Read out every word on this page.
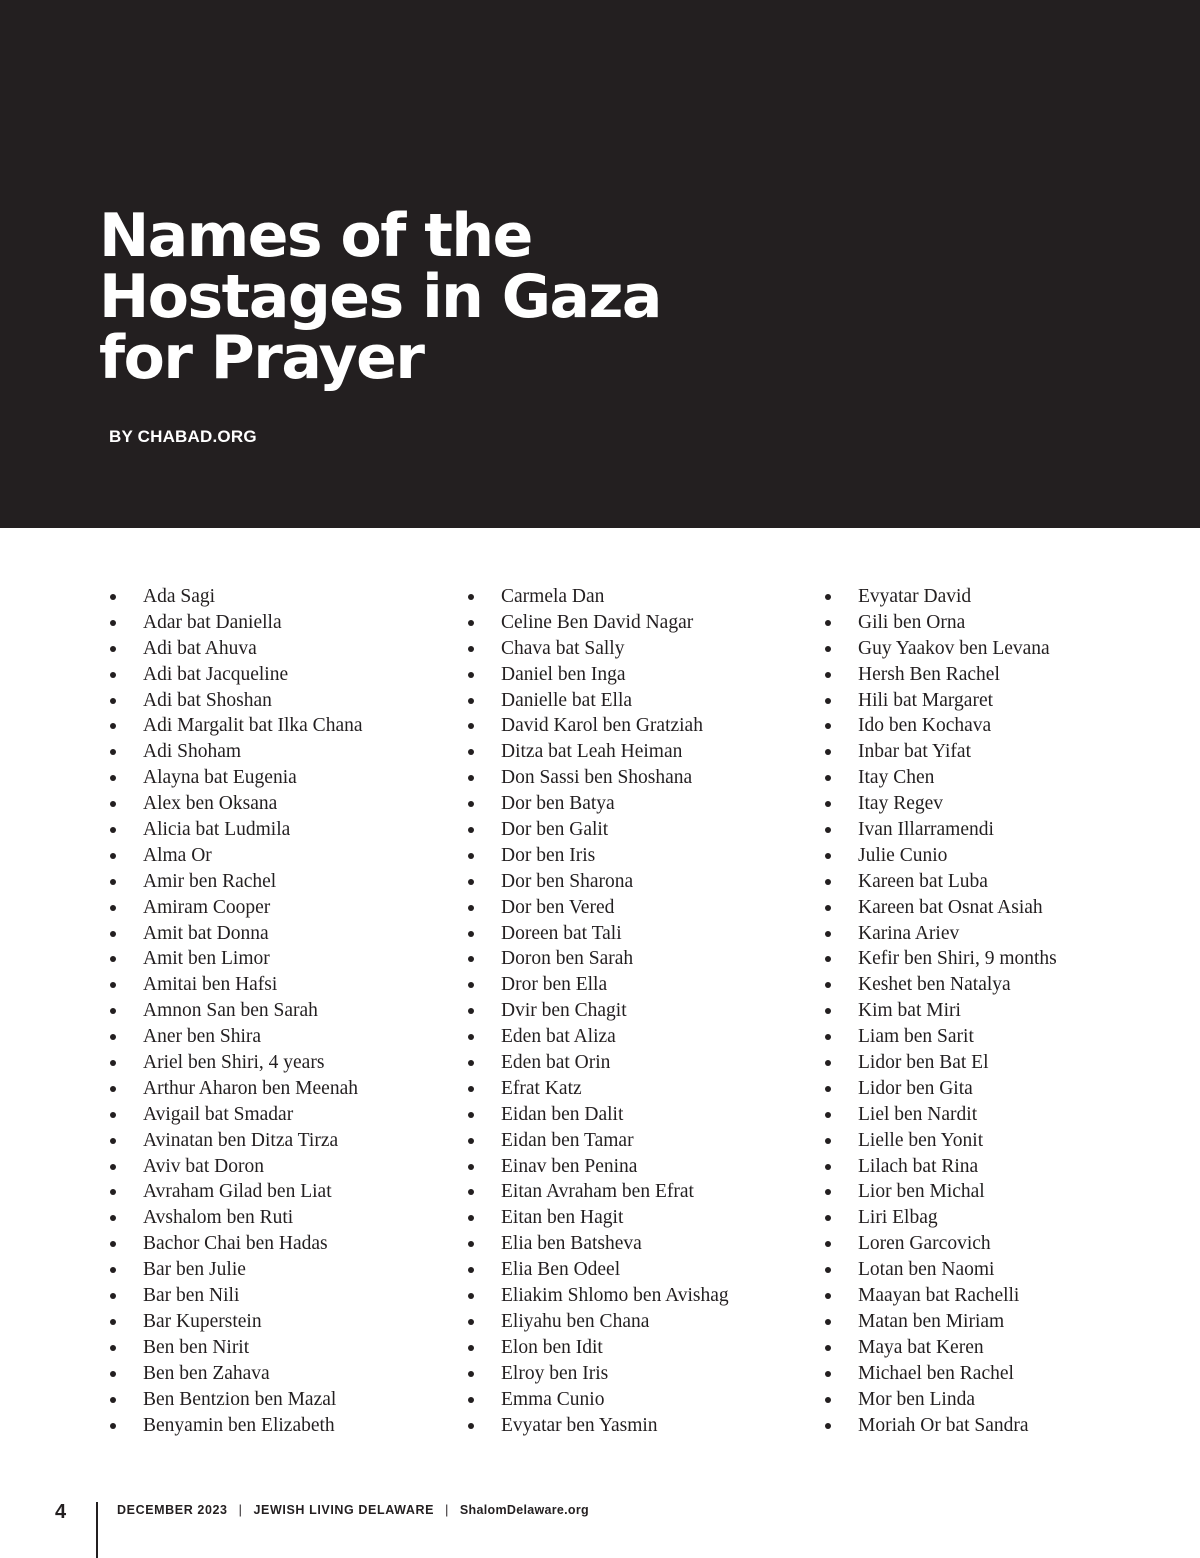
Names of the
Hostages in Gaza
for Prayer
BY CHABAD.ORG
Ada Sagi
Adar bat Daniella
Adi bat Ahuva
Adi bat Jacqueline
Adi bat Shoshan
Adi Margalit bat Ilka Chana
Adi Shoham
Alayna bat Eugenia
Alex ben Oksana
Alicia bat Ludmila
Alma Or
Amir ben Rachel
Amiram Cooper
Amit bat Donna
Amit ben Limor
Amitai ben Hafsi
Amnon San ben Sarah
Aner ben Shira
Ariel ben Shiri, 4 years
Arthur Aharon ben Meenah
Avigail bat Smadar
Avinatan ben Ditza Tirza
Aviv bat Doron
Avraham Gilad ben Liat
Avshalom ben Ruti
Bachor Chai ben Hadas
Bar ben Julie
Bar ben Nili
Bar Kuperstein
Ben ben Nirit
Ben ben Zahava
Ben Bentzion ben Mazal
Benyamin ben Elizabeth
Carmela Dan
Celine Ben David Nagar
Chava bat Sally
Daniel ben Inga
Danielle bat Ella
David Karol ben Gratziah
Ditza bat Leah Heiman
Don Sassi ben Shoshana
Dor ben Batya
Dor ben Galit
Dor ben Iris
Dor ben Sharona
Dor ben Vered
Doreen bat Tali
Doron ben Sarah
Dror ben Ella
Dvir ben Chagit
Eden bat Aliza
Eden bat Orin
Efrat Katz
Eidan ben Dalit
Eidan ben Tamar
Einav ben Penina
Eitan Avraham ben Efrat
Eitan ben Hagit
Elia ben Batsheva
Elia Ben Odeel
Eliakim Shlomo ben Avishag
Eliyahu ben Chana
Elon ben Idit
Elroy ben Iris
Emma Cunio
Evyatar ben Yasmin
Evyatar David
Gili ben Orna
Guy Yaakov ben Levana
Hersh Ben Rachel
Hili bat Margaret
Ido ben Kochava
Inbar bat Yifat
Itay Chen
Itay Regev
Ivan Illarramendi
Julie Cunio
Kareen bat Luba
Kareen bat Osnat Asiah
Karina Ariev
Kefir ben Shiri, 9 months
Keshet ben Natalya
Kim bat Miri
Liam ben Sarit
Lidor ben Bat El
Lidor ben Gita
Liel ben Nardit
Lielle ben Yonit
Lilach bat Rina
Lior ben Michal
Liri Elbag
Loren Garcovich
Lotan ben Naomi
Maayan bat Rachelli
Matan ben Miriam
Maya bat Keren
Michael ben Rachel
Mor ben Linda
Moriah Or bat Sandra
4	DECEMBER 2023 | JEWISH LIVING DELAWARE | ShalomDelaware.org
